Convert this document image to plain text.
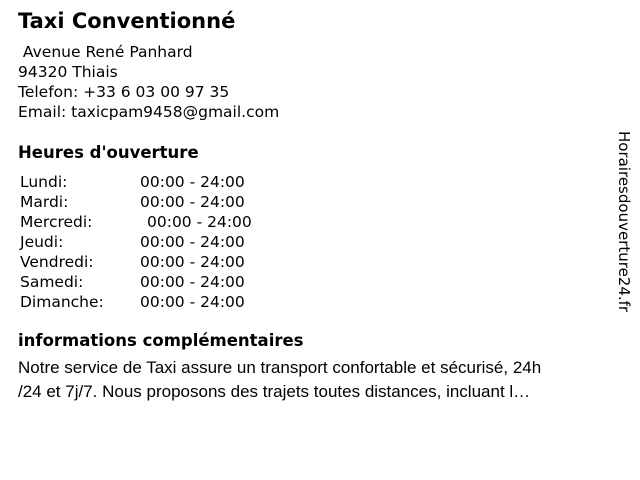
Taxi Conventionné
Avenue René Panhard
94320 Thiais
Telefon: +33 6 03 00 97 35
Email: taxicpam9458@gmail.com
Heures d'ouverture
Lundi:	00:00 - 24:00
Mardi:	00:00 - 24:00
Mercredi:	00:00 - 24:00
Jeudi:	00:00 - 24:00
Vendredi:	00:00 - 24:00
Samedi:	00:00 - 24:00
Dimanche:	00:00 - 24:00
informations complémentaires
Notre service de Taxi assure un transport confortable et sécurisé, 24h
/24 et 7j/7. Nous proposons des trajets toutes distances, incluant l…
Horairesdouverture24.fr
